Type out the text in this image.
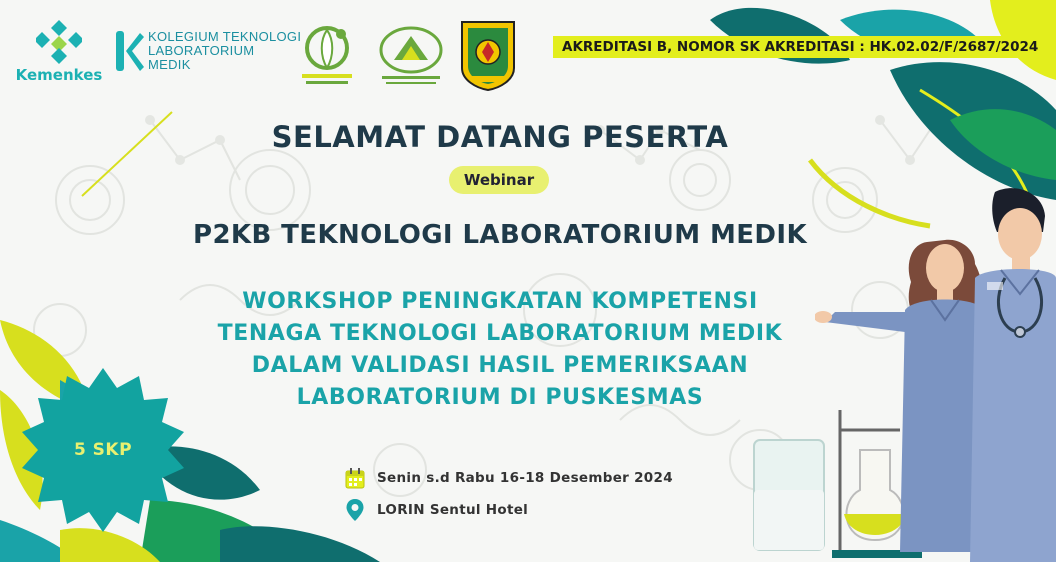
Kemenkes
KOLEGIUM TEKNOLOGI
LABORATORIUM
MEDIK
AKREDITASI B, NOMOR SK AKREDITASI : HK.02.02/F/2687/2024
SELAMAT DATANG PESERTA
Webinar
P2KB TEKNOLOGI LABORATORIUM MEDIK
WORKSHOP PENINGKATAN KOMPETENSI
TENAGA TEKNOLOGI LABORATORIUM MEDIK
DALAM VALIDASI HASIL PEMERIKSAAN
LABORATORIUM DI PUSKESMAS
5 SKP
Senin s.d Rabu 16-18 Desember 2024
LORIN Sentul Hotel
